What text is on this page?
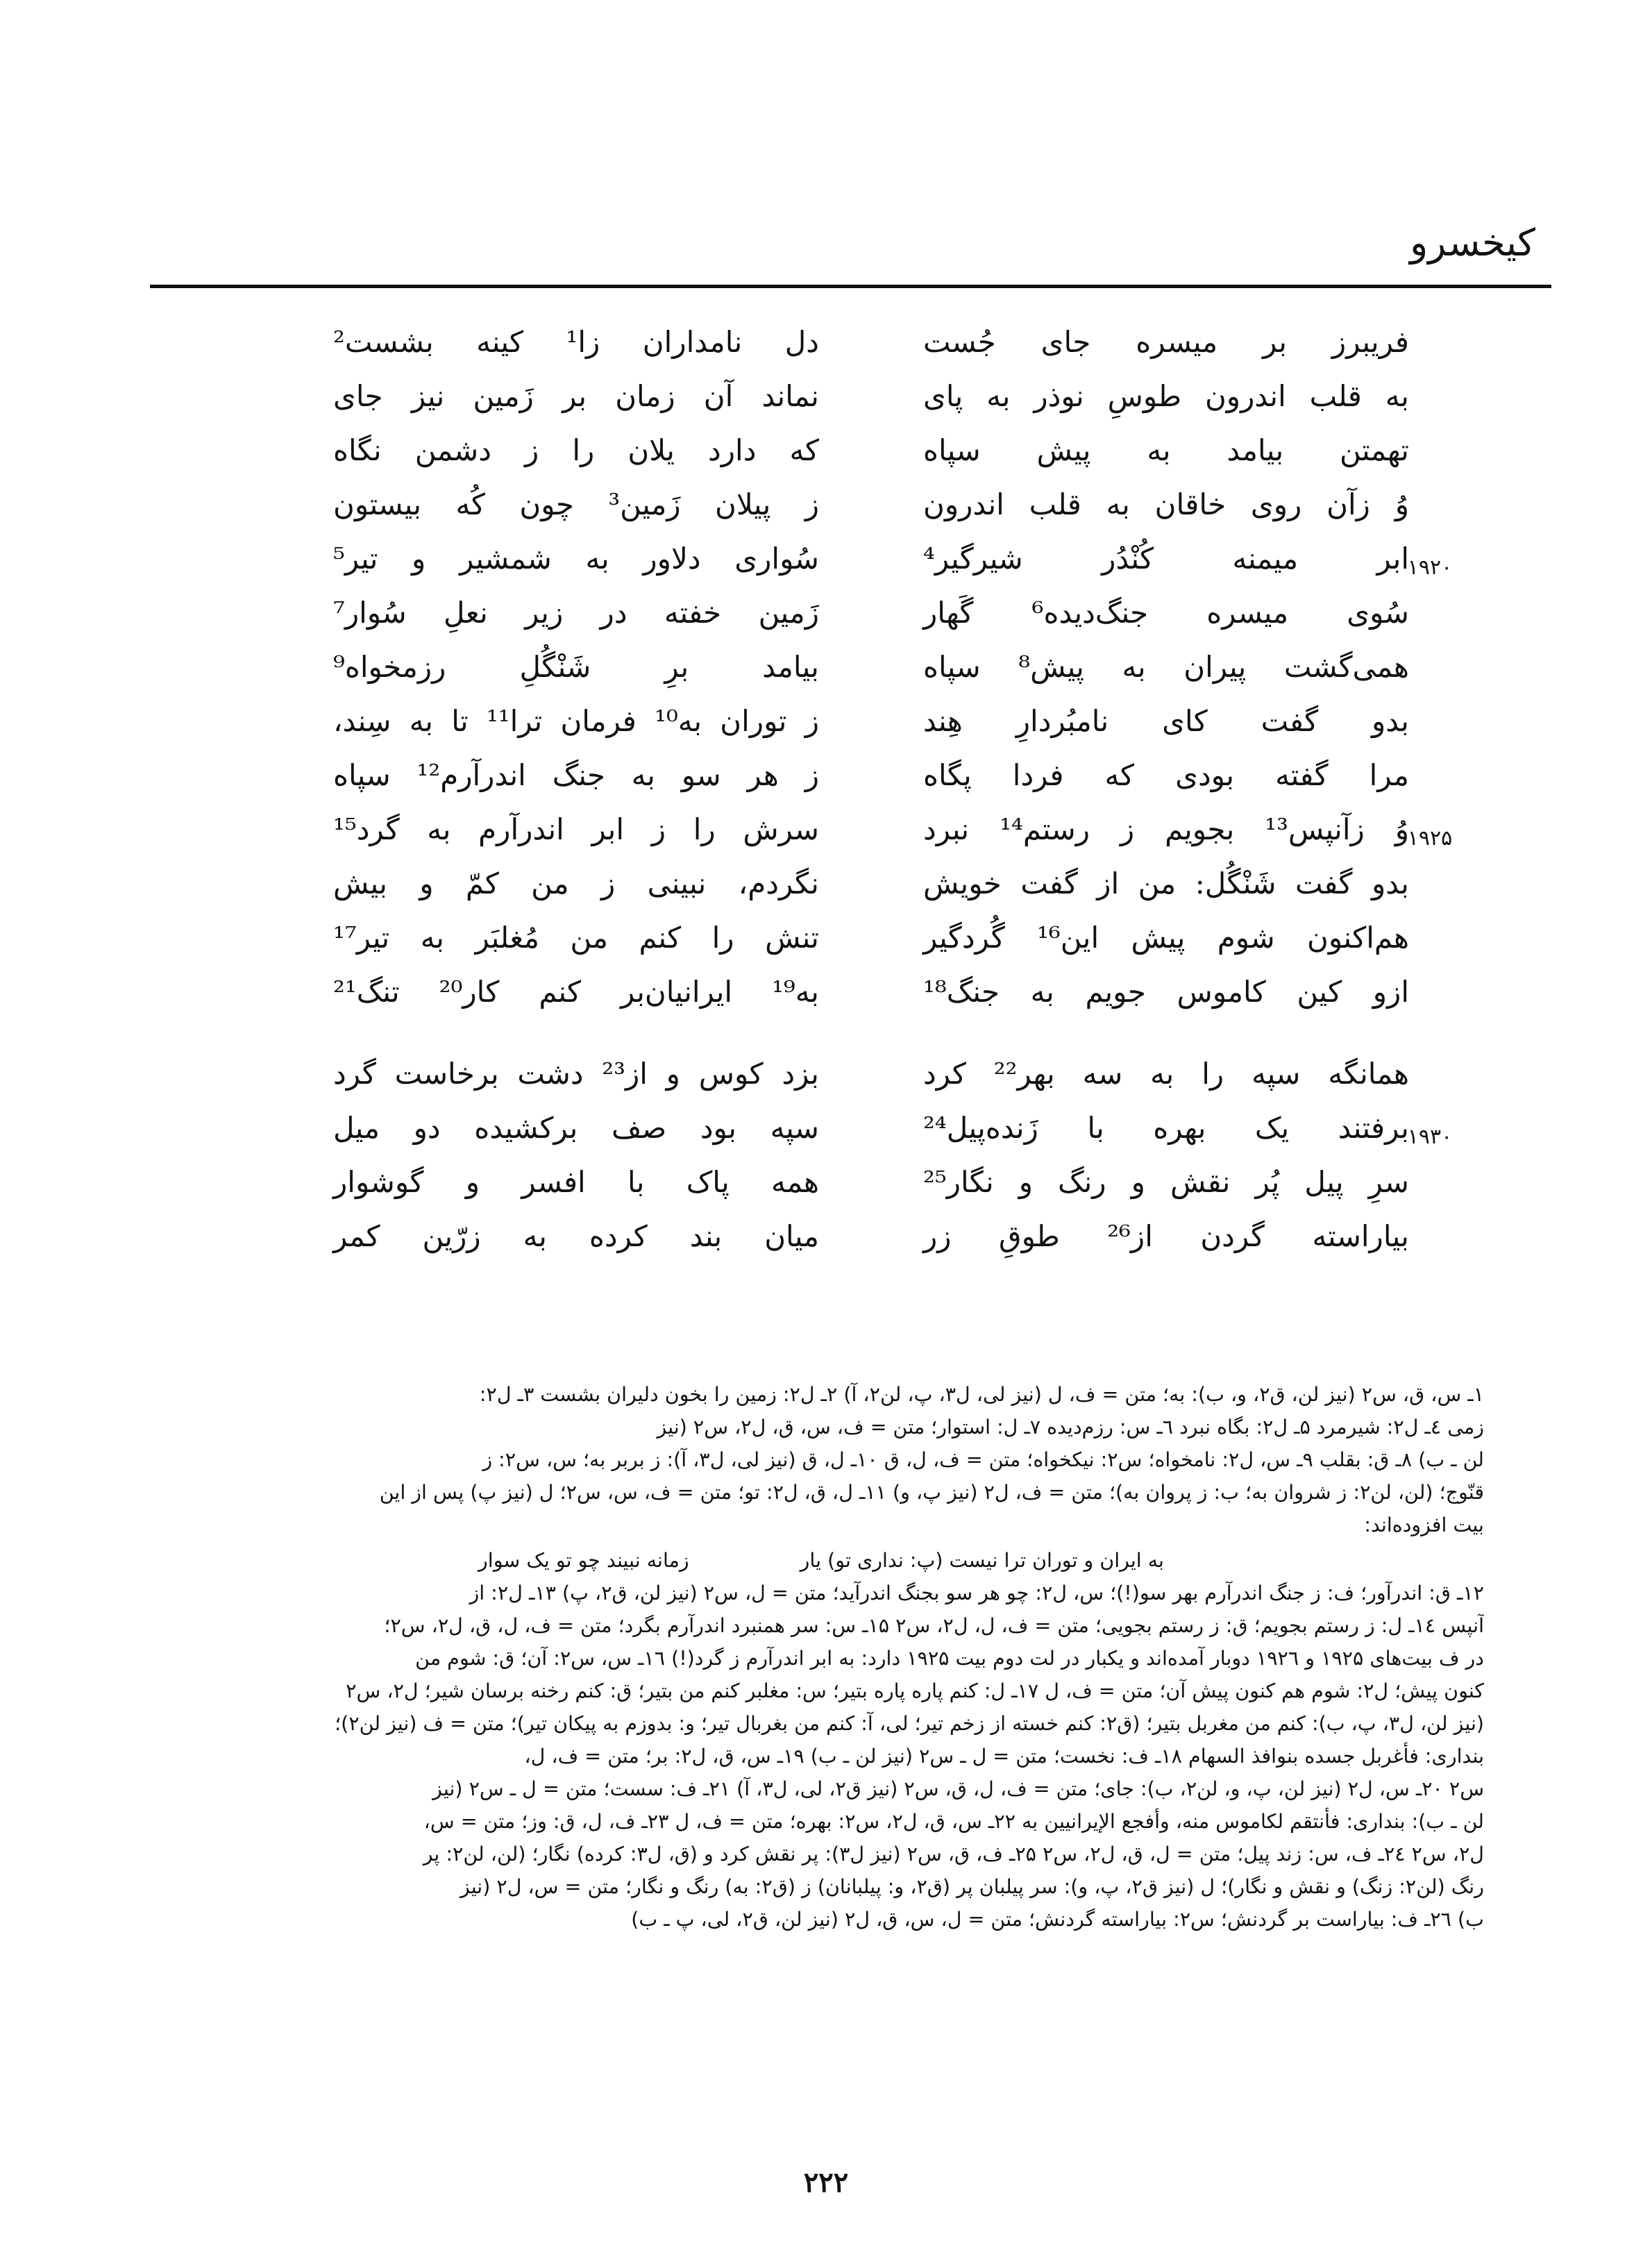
کیخسرو
فریبرز بر میسره جای جُست
دل نامداران زا¹ کینه بشست²
به قلب اندرون طوسِ نوذر به پای
نماند آن زمان بر زَمین نیز جای
تهمتن بیامد به پیش سپاه
که دارد یلان را ز دشمن نگاه
وُ زآن روی خاقان به قلب اندرون
ز پیلان زَمین³ چون کُه بیستون
۱۹۲۰
ابر میمنه کُنْدُر شیرگیر⁴
سُواری دلاور به شمشیر و تیر⁵
سُوی میسره جنگ‌دیده⁶ گَهار
زَمین خفته در زیر نعلِ سُوار⁷
همی‌گشت پیران به پیش⁸ سپاه
بیامد برِ شَنْگُلِ رزمخواه⁹
بدو گفت کای نامبُردارِ هِند
ز توران به¹⁰ فرمان ترا¹¹ تا به سِند،
مرا گفته بودی که فردا پگاه
ز هر سو به جنگ اندرآرم¹² سپاه
۱۹۲۵
وُ زآنپس¹³ بجویم ز رستم¹⁴ نبرد
سرش را ز ابر اندرآرم به گرد¹⁵
بدو گفت شَنْگُل: من از گفت خویش
نگردم، نبینی ز من کمّ و بیش
هم‌اکنون شوم پیش این¹⁶ گُردگیر
تنش را کنم من مُغلبَر به تیر¹⁷
ازو کین کاموس جویم به جنگ¹⁸
به¹⁹ ایرانیان‌بر کنم کار²⁰ تنگ²¹
همانگه سپه را به سه بهر²² کرد
بزد کوس و از²³ دشت برخاست گرد
۱۹۳۰
برفتند یک بهره با زَنده‌پیل²⁴
سپه بود صف برکشیده دو میل
سرِ پیل پُر نقش و رنگ و نگار²⁵
همه پاک با افسر و گوشوار
بیاراسته گردن از²⁶ طوقِ زر
میان بند کرده به زرّین کمر
۱ـ س، ق، س۲ (نیز لن، ق۲، و، ب): به؛ متن = ف، ل (نیز لی، ل۳، پ، لن۲، آ) ۲ـ ل۲: زمین را بخون دلیران بشست ۳ـ ل۲:
زمی ٤ـ ل۲: شیرمرد ۵ـ ل۲: بگاه نبرد ٦ـ س: رزم‌دیده ۷ـ ل: استوار؛ متن = ف، س، ق، ل۲، س۲ (نیز
لن ـ ب) ۸ـ ق: بقلب ۹ـ س، ل۲: نامخواه؛ س۲: نیکخواه؛ متن = ف، ل، ق ۱۰ـ ل، ق (نیز لی، ل۳، آ): ز بربر به؛ س، س۲: ز
قنّوج؛ (لن، لن۲: ز شروان به؛ ب: ز پروان به)؛ متن = ف، ل۲ (نیز پ، و) ۱۱ـ ل، ق، ل۲: تو؛ متن = ف، س، س۲؛ ل (نیز پ) پس از این
بیت افزوده‌اند:
به ایران و توران ترا نیست (پ: نداری تو) یار
زمانه نبیند چو تو یک سوار
۱۲ـ ق: اندرآور؛ ف: ز جنگ اندرآرم بهر سو(!)؛ س، ل۲: چو هر سو بجنگ اندرآید؛ متن = ل، س۲ (نیز لن، ق۲، پ) ۱۳ـ ل۲: از
آنپس ۱٤ـ ل: ز رستم بجویم؛ ق: ز رستم بجویی؛ متن = ف، ل، ل۲، س۲ ۱۵ـ س: سر همنبرد اندرآرم بگرد؛ متن = ف، ل، ق، ل۲، س۲؛
در ف بیت‌های ۱۹۲۵ و ۱۹۲٦ دوبار آمده‌اند و یکبار در لت دوم بیت ۱۹۲۵ دارد: به ابر اندرآرم ز گرد(!) ۱٦ـ س، س۲: آن؛ ق: شوم من
کنون پیش؛ ل۲: شوم هم کنون پیش آن؛ متن = ف، ل ۱۷ـ ل: کنم پاره پاره بتیر؛ س: مغلبر کنم من بتیر؛ ق: کنم رخنه برسان شیر؛ ل۲، س۲
(نیز لن، ل۳، پ، ب): کنم من مغربل بتیر؛ (ق۲: کنم خسته از زخم تیر؛ لی، آ: کنم من بغربال تیر؛ و: بدوزم به پیکان تیر)؛ متن = ف (نیز لن۲)؛
بنداری: فأغربل جسده بنوافذ السهام ۱۸ـ ف: نخست؛ متن = ل ـ س۲ (نیز لن ـ ب) ۱۹ـ س، ق، ل۲: بر؛ متن = ف، ل،
س۲ ۲۰ـ س، ل۲ (نیز لن، پ، و، لن۲، ب): جای؛ متن = ف، ل، ق، س۲ (نیز ق۲، لی، ل۳، آ) ۲۱ـ ف: سست؛ متن = ل ـ س۲ (نیز
لن ـ ب): بنداری: فأنتقم لکاموس منه، وأفجع الإیرانیین به ۲۲ـ س، ق، ل۲، س۲: بهره؛ متن = ف، ل ۲۳ـ ف، ل، ق: وز؛ متن = س،
ل۲، س۲ ۲٤ـ ف، س: زند پیل؛ متن = ل، ق، ل۲، س۲ ۲۵ـ ف، ق، س۲ (نیز ل۳): پر نقش کرد و (ق، ل۳: کرده) نگار؛ (لن، لن۲: پر
رنگ (لن۲: زنگ) و نقش و نگار)؛ ل (نیز ق۲، پ، و): سر پیلبان پر (ق۲، و: پیلبانان) ز (ق۲: به) رنگ و نگار؛ متن = س، ل۲ (نیز
ب) ۲٦ـ ف: بیاراست بر گردنش؛ س۲: بیاراسته گردنش؛ متن = ل، س، ق، ل۲ (نیز لن، ق۲، لی، پ ـ ب)
۲۲۲
